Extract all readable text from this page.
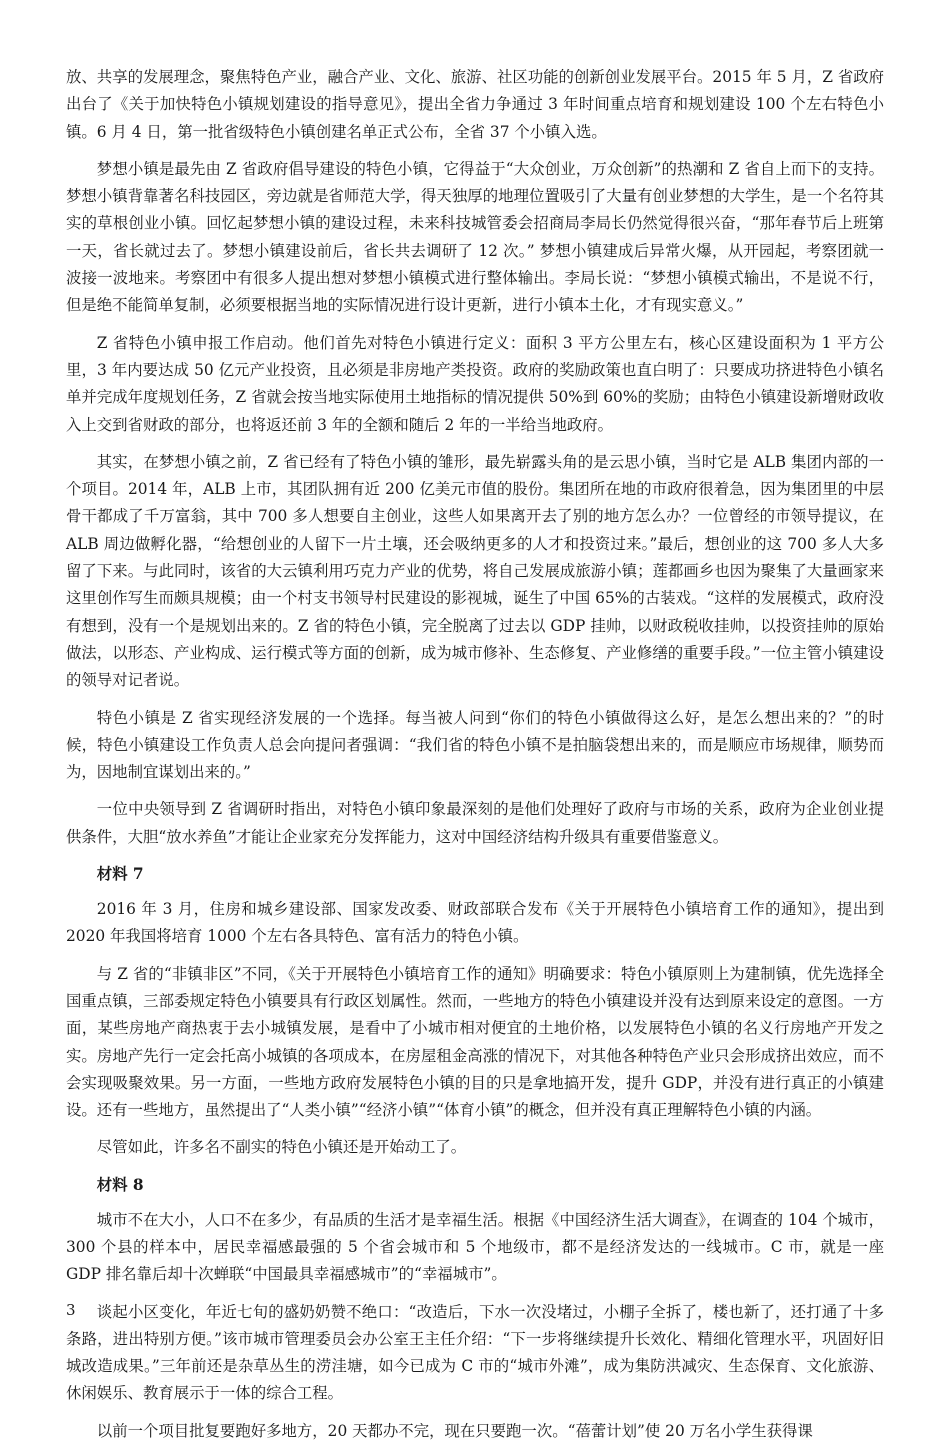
放、共享的发展理念，聚焦特色产业，融合产业、文化、旅游、社区功能的创新创业发展平台。2015 年 5 月，Z 省政府出台了《关于加快特色小镇规划建设的指导意见》，提出全省力争通过 3 年时间重点培育和规划建设 100 个左右特色小镇。6 月 4 日，第一批省级特色小镇创建名单正式公布，全省 37 个小镇入选。

梦想小镇是最先由 Z 省政府倡导建设的特色小镇，它得益于“大众创业，万众创新”的热潮和 Z 省自上而下的支持。梦想小镇背靠著名科技园区，旁边就是省师范大学，得天独厚的地理位置吸引了大量有创业梦想的大学生，是一个名符其实的草根创业小镇。回忆起梦想小镇的建设过程，未来科技城管委会招商局李局长仍然觉得很兴奋，“那年春节后上班第一天，省长就过去了。梦想小镇建设前后，省长共去调研了 12 次。” 梦想小镇建成后异常火爆，从开园起，考察团就一波接一波地来。考察团中有很多人提出想对梦想小镇模式进行整体输出。李局长说：“梦想小镇模式输出，不是说不行，但是绝不能简单复制，必须要根据当地的实际情况进行设计更新，进行小镇本土化，才有现实意义。”

Z 省特色小镇申报工作启动。他们首先对特色小镇进行定义：面积 3 平方公里左右，核心区建设面积为 1 平方公里，3 年内要达成 50 亿元产业投资，且必须是非房地产类投资。政府的奖励政策也直白明了：只要成功挤进特色小镇名单并完成年度规划任务，Z 省就会按当地实际使用土地指标的情况提供 50%到 60%的奖励；由特色小镇建设新增财政收入上交到省财政的部分，也将返还前 3 年的全额和随后 2 年的一半给当地政府。

其实，在梦想小镇之前，Z 省已经有了特色小镇的雏形，最先崭露头角的是云思小镇，当时它是 ALB 集团内部的一个项目。2014 年，ALB 上市，其团队拥有近 200 亿美元市值的股份。集团所在地的市政府很着急，因为集团里的中层骨干都成了千万富翁，其中 700 多人想要自主创业，这些人如果离开去了别的地方怎么办？一位曾经的市领导提议，在 ALB 周边做孵化器，“给想创业的人留下一片土壤，还会吸纳更多的人才和投资过来。”最后，想创业的这 700 多人大多留了下来。与此同时，该省的大云镇利用巧克力产业的优势，将自己发展成旅游小镇；莲都画乡也因为聚集了大量画家来这里创作写生而颇具规模；由一个村支书领导村民建设的影视城，诞生了中国 65%的古装戏。“这样的发展模式，政府没有想到，没有一个是规划出来的。Z 省的特色小镇，完全脱离了过去以 GDP 挂帅，以财政税收挂帅，以投资挂帅的原始做法，以形态、产业构成、运行模式等方面的创新，成为城市修补、生态修复、产业修缮的重要手段。”一位主管小镇建设的领导对记者说。

特色小镇是 Z 省实现经济发展的一个选择。每当被人问到“你们的特色小镇做得这么好，是怎么想出来的？”的时候，特色小镇建设工作负责人总会向提问者强调：“我们省的特色小镇不是拍脑袋想出来的，而是顺应市场规律，顺势而为，因地制宜谋划出来的。”

一位中央领导到 Z 省调研时指出，对特色小镇印象最深刻的是他们处理好了政府与市场的关系，政府为企业创业提供条件，大胆“放水养鱼”才能让企业家充分发挥能力，这对中国经济结构升级具有重要借鉴意义。

材料 7

2016 年 3 月，住房和城乡建设部、国家发改委、财政部联合发布《关于开展特色小镇培育工作的通知》，提出到 2020 年我国将培育 1000 个左右各具特色、富有活力的特色小镇。

与 Z 省的“非镇非区”不同，《关于开展特色小镇培育工作的通知》明确要求：特色小镇原则上为建制镇，优先选择全国重点镇，三部委规定特色小镇要具有行政区划属性。然而，一些地方的特色小镇建设并没有达到原来设定的意图。一方面，某些房地产商热衷于去小城镇发展，是看中了小城市相对便宜的土地价格，以发展特色小镇的名义行房地产开发之实。房地产先行一定会托高小城镇的各项成本，在房屋租金高涨的情况下，对其他各种特色产业只会形成挤出效应，而不会实现吸聚效果。另一方面，一些地方政府发展特色小镇的目的只是拿地搞开发，提升 GDP，并没有进行真正的小镇建设。还有一些地方，虽然提出了“人类小镇”“经济小镇”“体育小镇”的概念，但并没有真正理解特色小镇的内涵。

尽管如此，许多名不副实的特色小镇还是开始动工了。

材料 8

城市不在大小，人口不在多少，有品质的生活才是幸福生活。根据《中国经济生活大调查》，在调查的 104 个城市，300 个县的样本中，居民幸福感最强的 5 个省会城市和 5 个地级市，都不是经济发达的一线城市。C 市，就是一座 GDP 排名靠后却十次蝉联“中国最具幸福感城市”的“幸福城市”。

谈起小区变化，年近七旬的盛奶奶赞不绝口：“改造后，下水一次没堵过，小棚子全拆了，楼也新了，还打通了十多条路，进出特别方便。”该市城市管理委员会办公室王主任介绍：“下一步将继续提升长效化、精细化管理水平，巩固好旧城改造成果。”三年前还是杂草丛生的涝洼塘，如今已成为 C 市的“城市外滩”，成为集防洪减灾、生态保育、文化旅游、休闲娱乐、教育展示于一体的综合工程。

以前一个项目批复要跑好多地方，20 天都办不完，现在只要跑一次。“蓓蕾计划”使 20 万名小学生获得课

3
